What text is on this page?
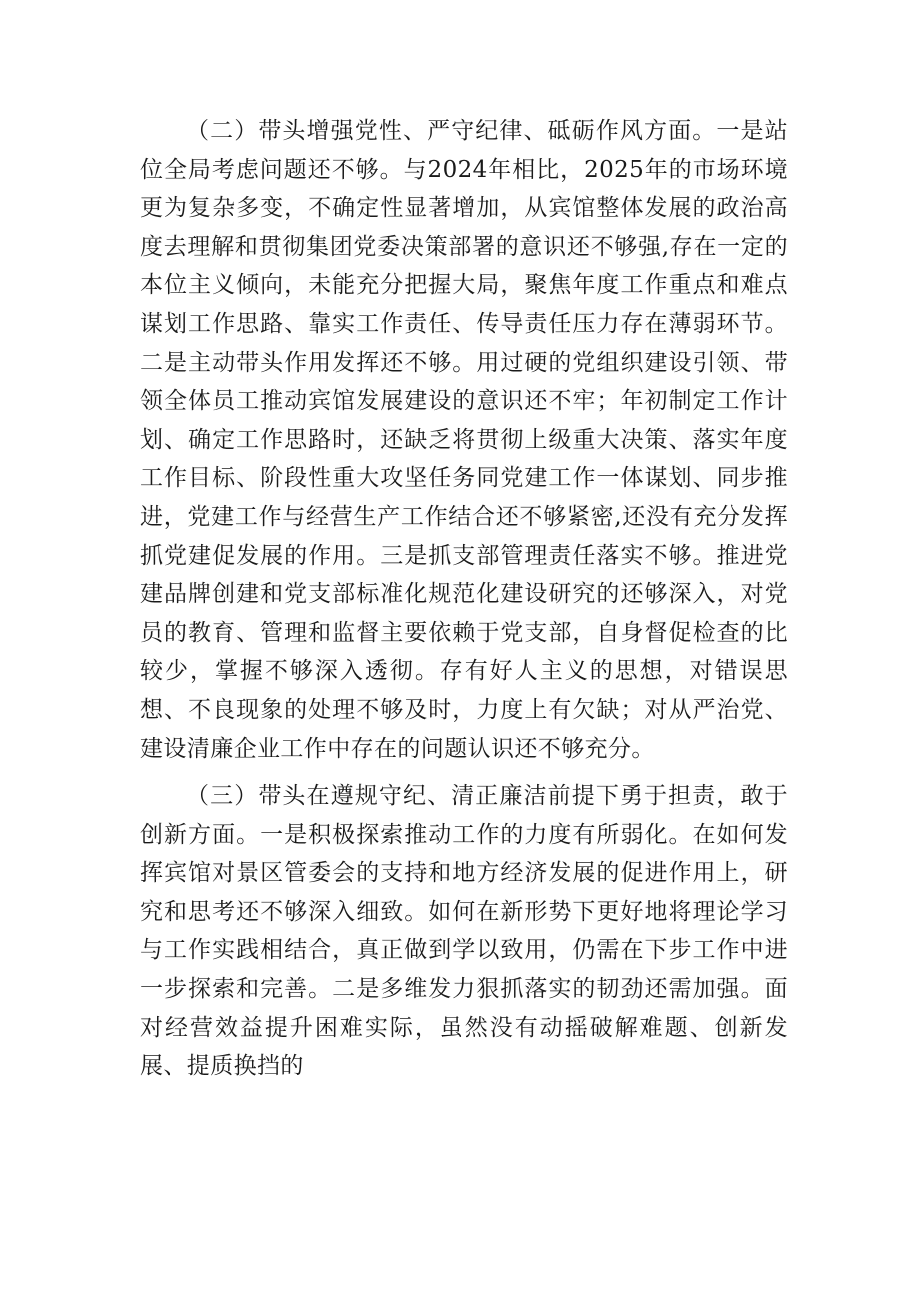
（二）带头增强党性、严守纪律、砥砺作风方面。一是站位全局考虑问题还不够。与2024年相比，2025年的市场环境更为复杂多变，不确定性显著增加，从宾馆整体发展的政治高度去理解和贯彻集团党委决策部署的意识还不够强,存在一定的本位主义倾向，未能充分把握大局，聚焦年度工作重点和难点谋划工作思路、靠实工作责任、传导责任压力存在薄弱环节。二是主动带头作用发挥还不够。用过硬的党组织建设引领、带领全体员工推动宾馆发展建设的意识还不牢；年初制定工作计划、确定工作思路时，还缺乏将贯彻上级重大决策、落实年度工作目标、阶段性重大攻坚任务同党建工作一体谋划、同步推进，党建工作与经营生产工作结合还不够紧密,还没有充分发挥抓党建促发展的作用。三是抓支部管理责任落实不够。推进党建品牌创建和党支部标准化规范化建设研究的还够深入，对党员的教育、管理和监督主要依赖于党支部，自身督促检查的比较少，掌握不够深入透彻。存有好人主义的思想，对错误思想、不良现象的处理不够及时，力度上有欠缺；对从严治党、建设清廉企业工作中存在的问题认识还不够充分。

（三）带头在遵规守纪、清正廉洁前提下勇于担责，敢于创新方面。一是积极探索推动工作的力度有所弱化。在如何发挥宾馆对景区管委会的支持和地方经济发展的促进作用上，研究和思考还不够深入细致。如何在新形势下更好地将理论学习与工作实践相结合，真正做到学以致用，仍需在下步工作中进一步探索和完善。二是多维发力狠抓落实的韧劲还需加强。面对经营效益提升困难实际，虽然没有动摇破解难题、创新发展、提质换挡的
